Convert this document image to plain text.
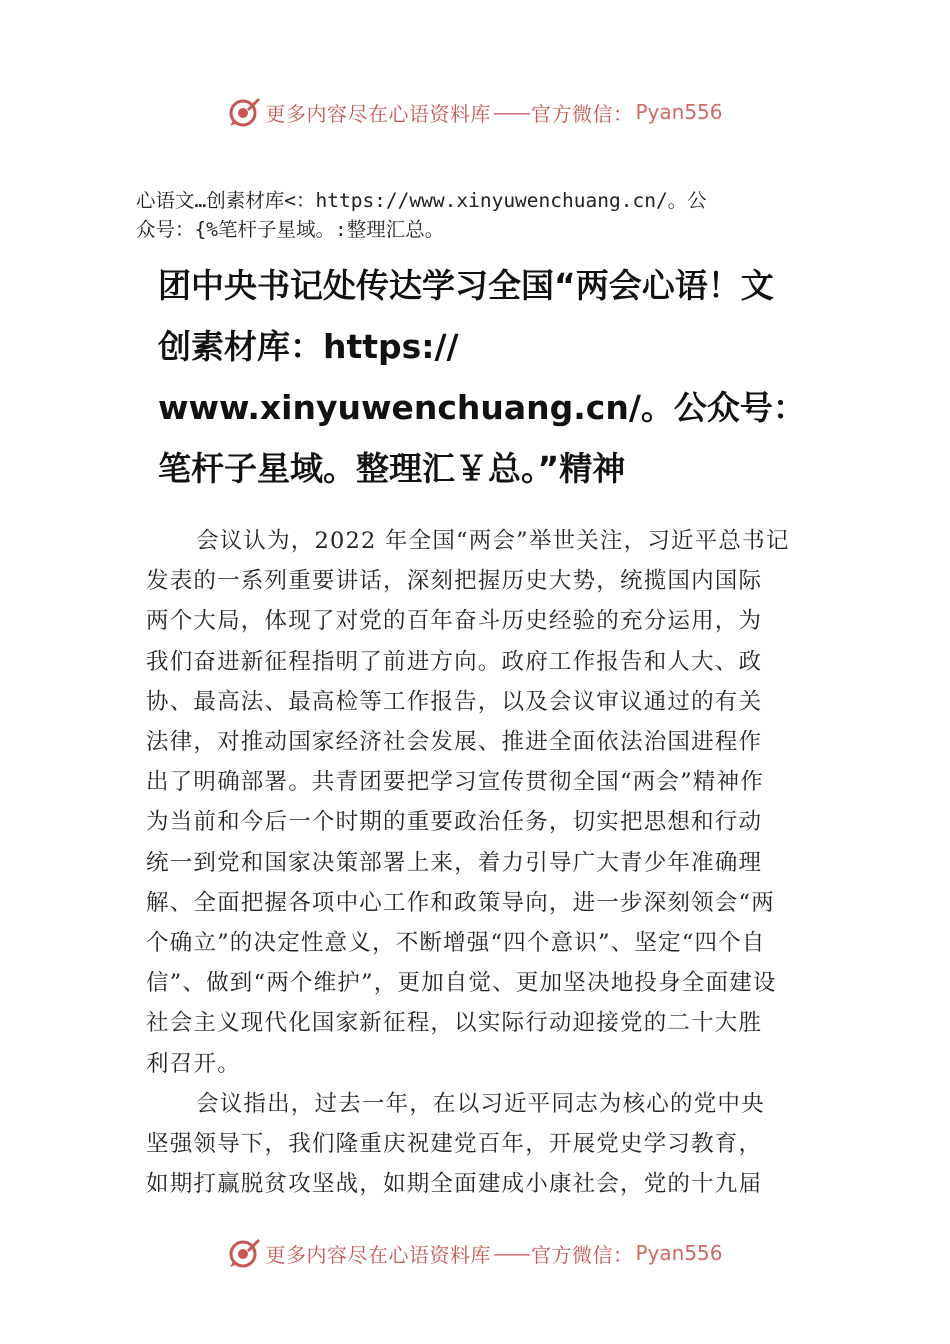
更多内容尽在心语资料库 —— 官方微信： Pyan556
心语文…创素材库<：https://www.xinyuwenchuang.cn/。公
众号：{%笔杆子星域。:整理汇总。
团中央书记处传达学习全国“两会心语！文
创素材库：https://
www.xinyuwenchuang.cn/。公众号：
笔杆子星域。整理汇￥总。”精神
会议认为，2022 年全国“两会”举世关注，习近平总书记
发表的一系列重要讲话，深刻把握历史大势，统揽国内国际
两个大局，体现了对党的百年奋斗历史经验的充分运用，为
我们奋进新征程指明了前进方向。政府工作报告和人大、政
协、最高法、最高检等工作报告，以及会议审议通过的有关
法律，对推动国家经济社会发展、推进全面依法治国进程作
出了明确部署。共青团要把学习宣传贯彻全国“两会”精神作
为当前和今后一个时期的重要政治任务，切实把思想和行动
统一到党和国家决策部署上来，着力引导广大青少年准确理
解、全面把握各项中心工作和政策导向，进一步深刻领会“两
个确立”的决定性意义，不断增强“四个意识”、坚定“四个自
信”、做到“两个维护”，更加自觉、更加坚决地投身全面建设
社会主义现代化国家新征程，以实际行动迎接党的二十大胜
利召开。
会议指出，过去一年，在以习近平同志为核心的党中央
坚强领导下，我们隆重庆祝建党百年，开展党史学习教育，
如期打赢脱贫攻坚战，如期全面建成小康社会，党的十九届
更多内容尽在心语资料库 —— 官方微信： Pyan556
